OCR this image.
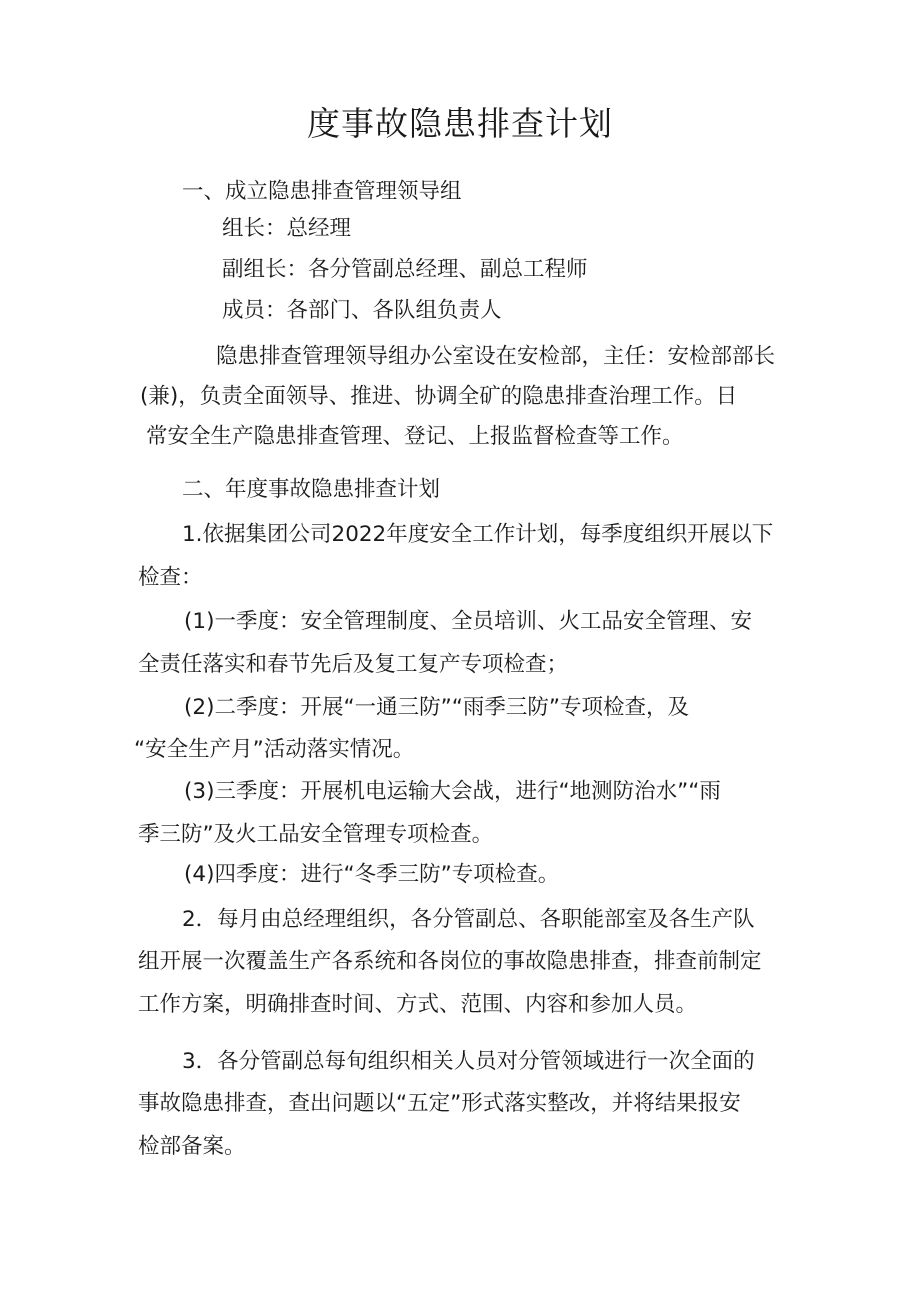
度事故隐患排查计划
一、成立隐患排查管理领导组
组长：总经理
副组长：各分管副总经理、副总工程师
成员：各部门、各队组负责人
隐患排查管理领导组办公室设在安检部，主任：安检部部长
(兼)，负责全面领导、推进、协调全矿的隐患排查治理工作。日
常安全生产隐患排查管理、登记、上报监督检查等工作。
二、年度事故隐患排查计划
1.依据集团公司2022年度安全工作计划，每季度组织开展以下
检查：
(1)一季度：安全管理制度、全员培训、火工品安全管理、安
全责任落实和春节先后及复工复产专项检查；
(2)二季度：开展“一通三防”“雨季三防”专项检查，及
“安全生产月”活动落实情况。
(3)三季度：开展机电运输大会战，进行“地测防治水”“雨
季三防”及火工品安全管理专项检查。
(4)四季度：进行“冬季三防”专项检查。
2．每月由总经理组织，各分管副总、各职能部室及各生产队
组开展一次覆盖生产各系统和各岗位的事故隐患排查，排查前制定
工作方案，明确排查时间、方式、范围、内容和参加人员。
3．各分管副总每旬组织相关人员对分管领域进行一次全面的
事故隐患排查，查出问题以“五定”形式落实整改，并将结果报安
检部备案。
